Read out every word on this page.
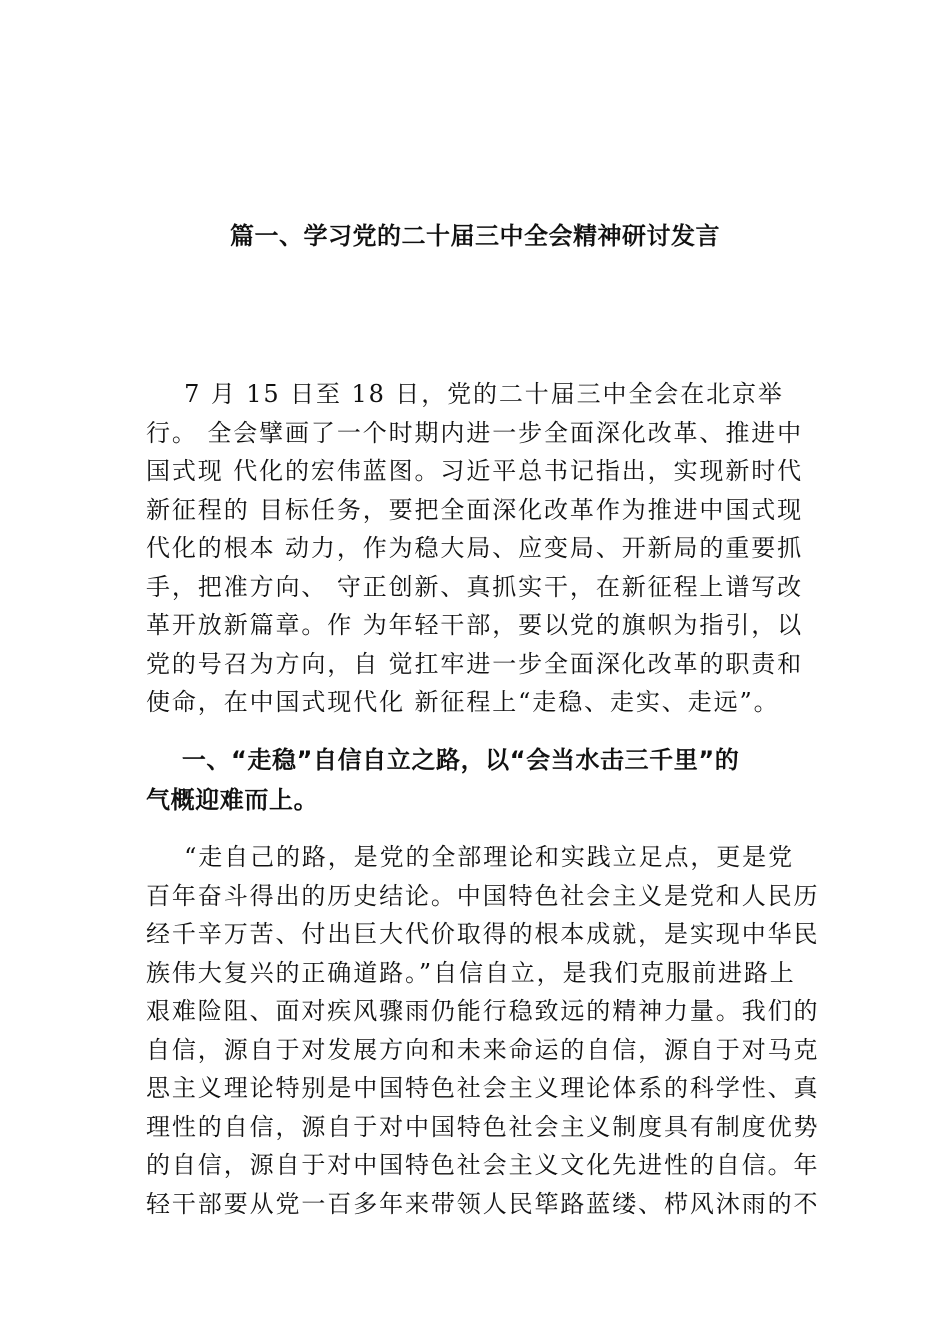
篇一、学习党的二十届三中全会精神研讨发言
7 月 15 日至 18 日，党的二十届三中全会在北京举
行。 全会擘画了一个时期内进一步全面深化改革、推进中
国式现 代化的宏伟蓝图。习近平总书记指出，实现新时代
新征程的 目标任务，要把全面深化改革作为推进中国式现
代化的根本 动力，作为稳大局、应变局、开新局的重要抓
手，把准方向、 守正创新、真抓实干，在新征程上谱写改
革开放新篇章。作 为年轻干部，要以党的旗帜为指引，以
党的号召为方向，自 觉扛牢进一步全面深化改革的职责和
使命，在中国式现代化 新征程上“走稳、走实、走远”。
一、“走稳”自信自立之路，以“会当水击三千里”的
气概迎难而上。
“走自己的路，是党的全部理论和实践立足点，更是党
百年奋斗得出的历史结论。中国特色社会主义是党和人民历
经千辛万苦、付出巨大代价取得的根本成就，是实现中华民
族伟大复兴的正确道路。”自信自立，是我们克服前进路上
艰难险阻、面对疾风骤雨仍能行稳致远的精神力量。我们的
自信，源自于对发展方向和未来命运的自信，源自于对马克
思主义理论特别是中国特色社会主义理论体系的科学性、真
理性的自信，源自于对中国特色社会主义制度具有制度优势
的自信，源自于对中国特色社会主义文化先进性的自信。年
轻干部要从党一百多年来带领人民筚路蓝缕、栉风沐雨的不
